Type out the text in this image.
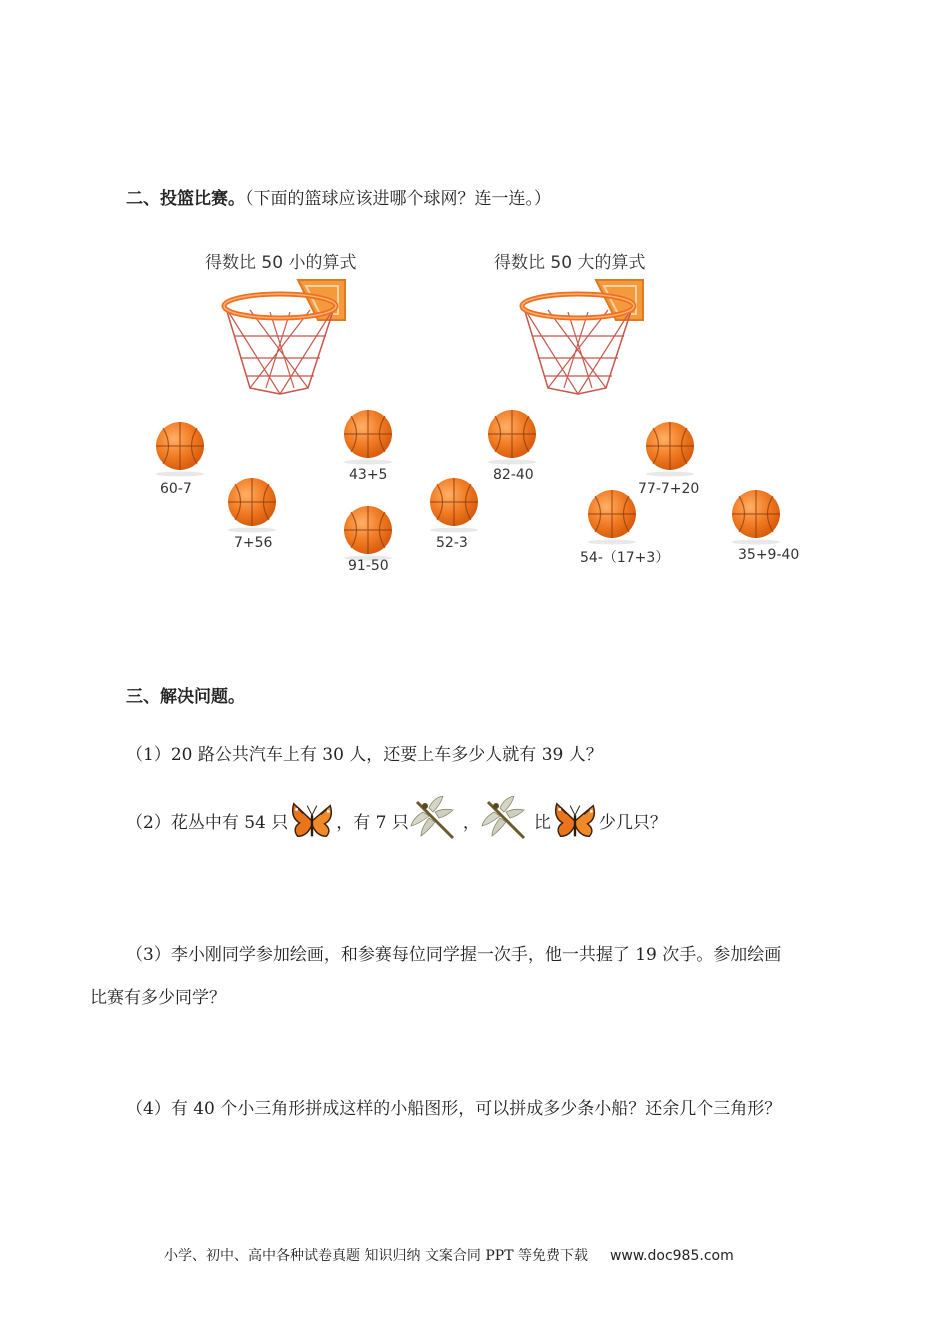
二、投篮比赛。（下面的篮球应该进哪个球网？连一连。）
得数比 50 小的算式	得数比 50 大的算式
60-7
7+56
43+5
91-50
52-3
82-40
54-（17+3）
77-7+20
35+9-40
三、解决问题。
（1）20 路公共汽车上有 30 人，还要上车多少人就有 39 人？
（2）花丛中有 54 只	，有 7 只	，	比	少几只？
（3）李小刚同学参加绘画，和参赛每位同学握一次手，他一共握了 19 次手。参加绘画
比赛有多少同学？
（4）有 40 个小三角形拼成这样的小船图形，可以拼成多少条小船？还余几个三角形？
小学、初中、高中各种试卷真题 知识归纳 文案合同 PPT 等免费下载 www.doc985.com
